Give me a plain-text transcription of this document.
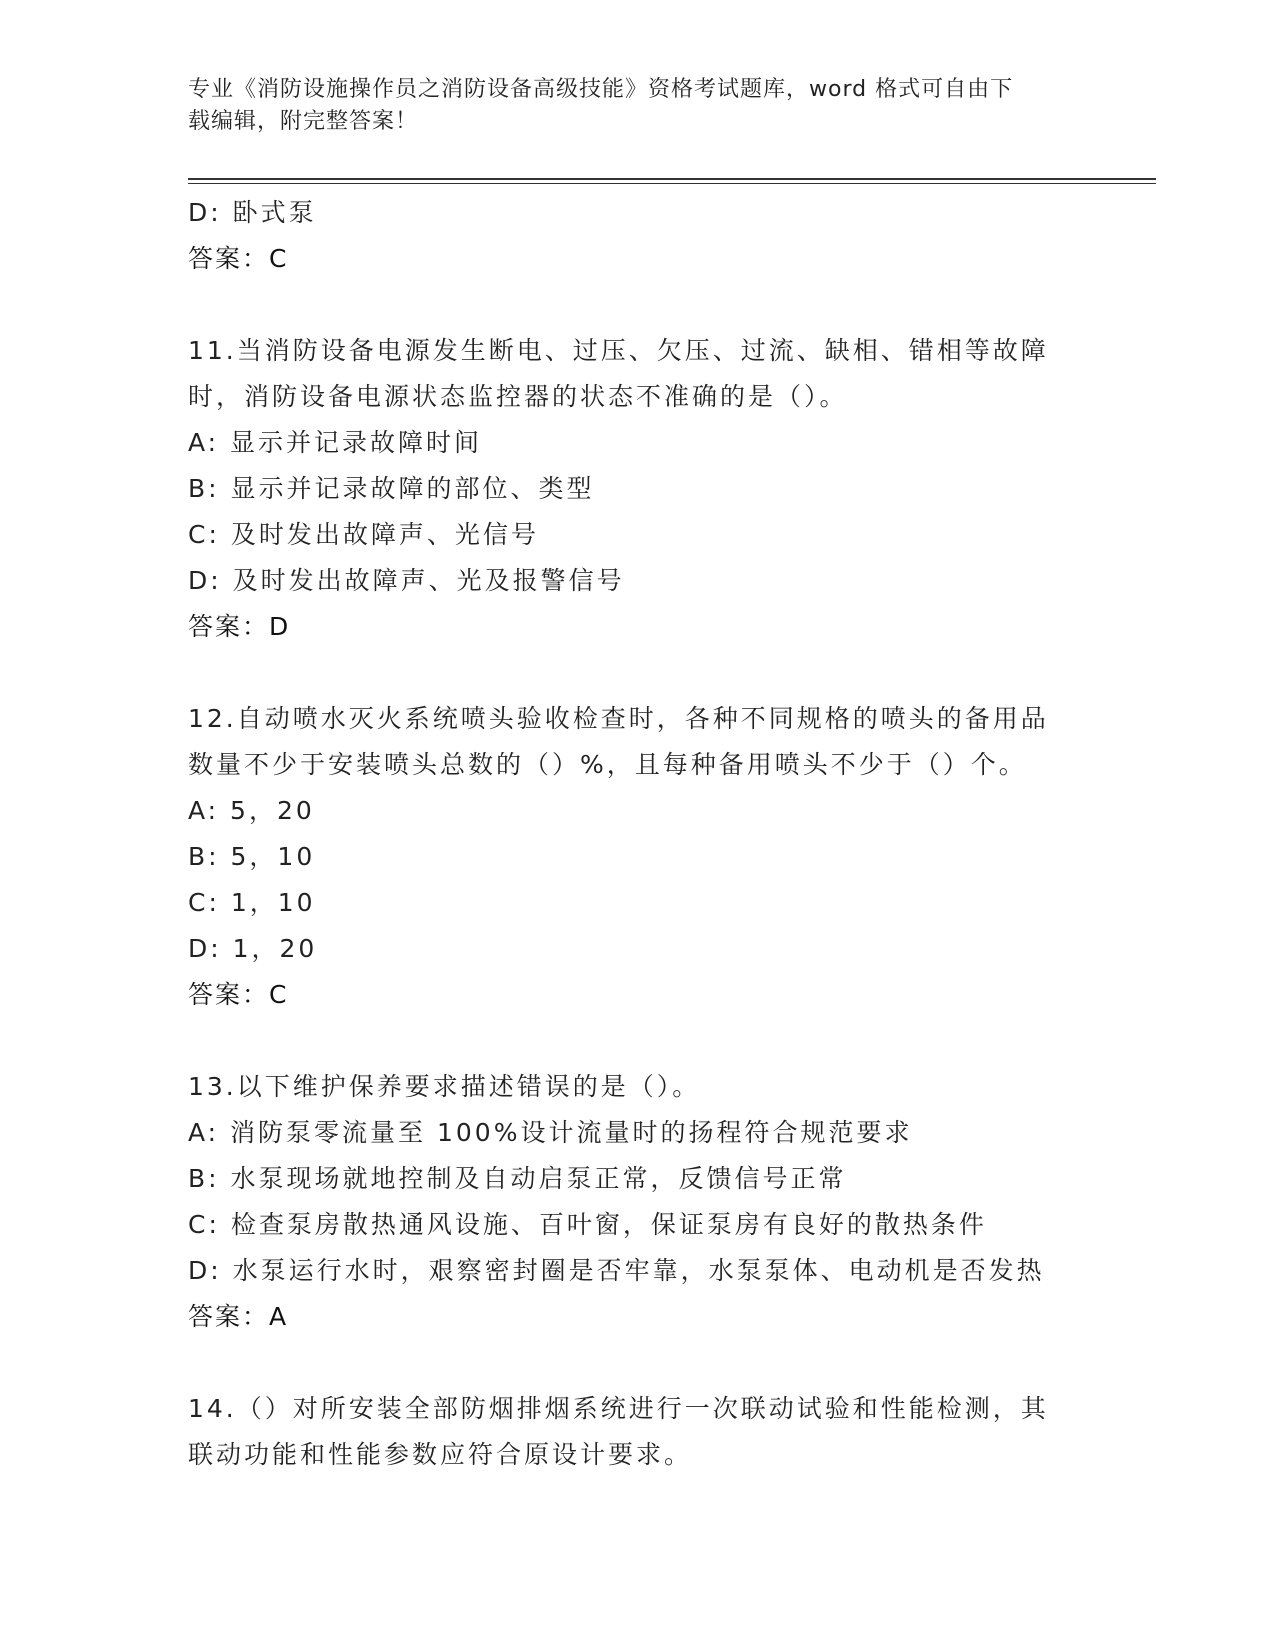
专业《消防设施操作员之消防设备高级技能》资格考试题库，word 格式可自由下
载编辑，附完整答案！
D: 卧式泵
答案：C
11.当消防设备电源发生断电、过压、欠压、过流、缺相、错相等故障
时，消防设备电源状态监控器的状态不准确的是（）。
A: 显示并记录故障时间
B: 显示并记录故障的部位、类型
C: 及时发出故障声、光信号
D: 及时发出故障声、光及报警信号
答案：D
12.自动喷水灭火系统喷头验收检查时，各种不同规格的喷头的备用品
数量不少于安装喷头总数的（）%，且每种备用喷头不少于（）个。
A: 5，20
B: 5，10
C: 1，10
D: 1，20
答案：C
13.以下维护保养要求描述错误的是（）。
A: 消防泵零流量至 100%设计流量时的扬程符合规范要求
B: 水泵现场就地控制及自动启泵正常，反馈信号正常
C: 检查泵房散热通风设施、百叶窗，保证泵房有良好的散热条件
D: 水泵运行水时，艰察密封圈是否牢靠，水泵泵体、电动机是否发热
答案：A
14.（）对所安装全部防烟排烟系统进行一次联动试验和性能检测，其
联动功能和性能参数应符合原设计要求。
